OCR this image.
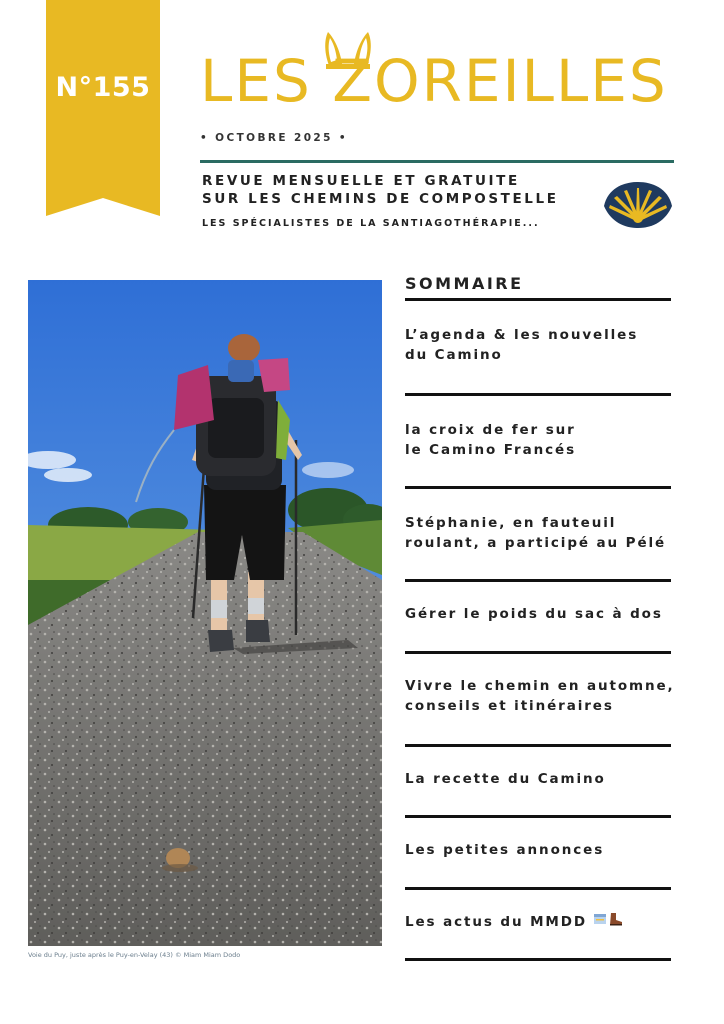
N°155 LES ZOREILLES
• OCTOBRE 2025 •
REVUE MENSUELLE ET GRATUITE
SUR LES CHEMINS DE COMPOSTELLE
LES SPÉCIALISTES DE LA SANTIAGOTHÉRAPIE...
Voie du Puy, juste après le Puy-en-Velay (43) © Miam Miam Dodo
SOMMAIRE
L’agenda & les nouvelles
du Camino
la croix de fer sur
le Camino Francés
Stéphanie, en fauteuil
roulant, a participé au Pélé
Gérer le poids du sac à dos
Vivre le chemin en automne,
conseils et itinéraires
La recette du Camino
Les petites annonces
Les actus du MMDD
